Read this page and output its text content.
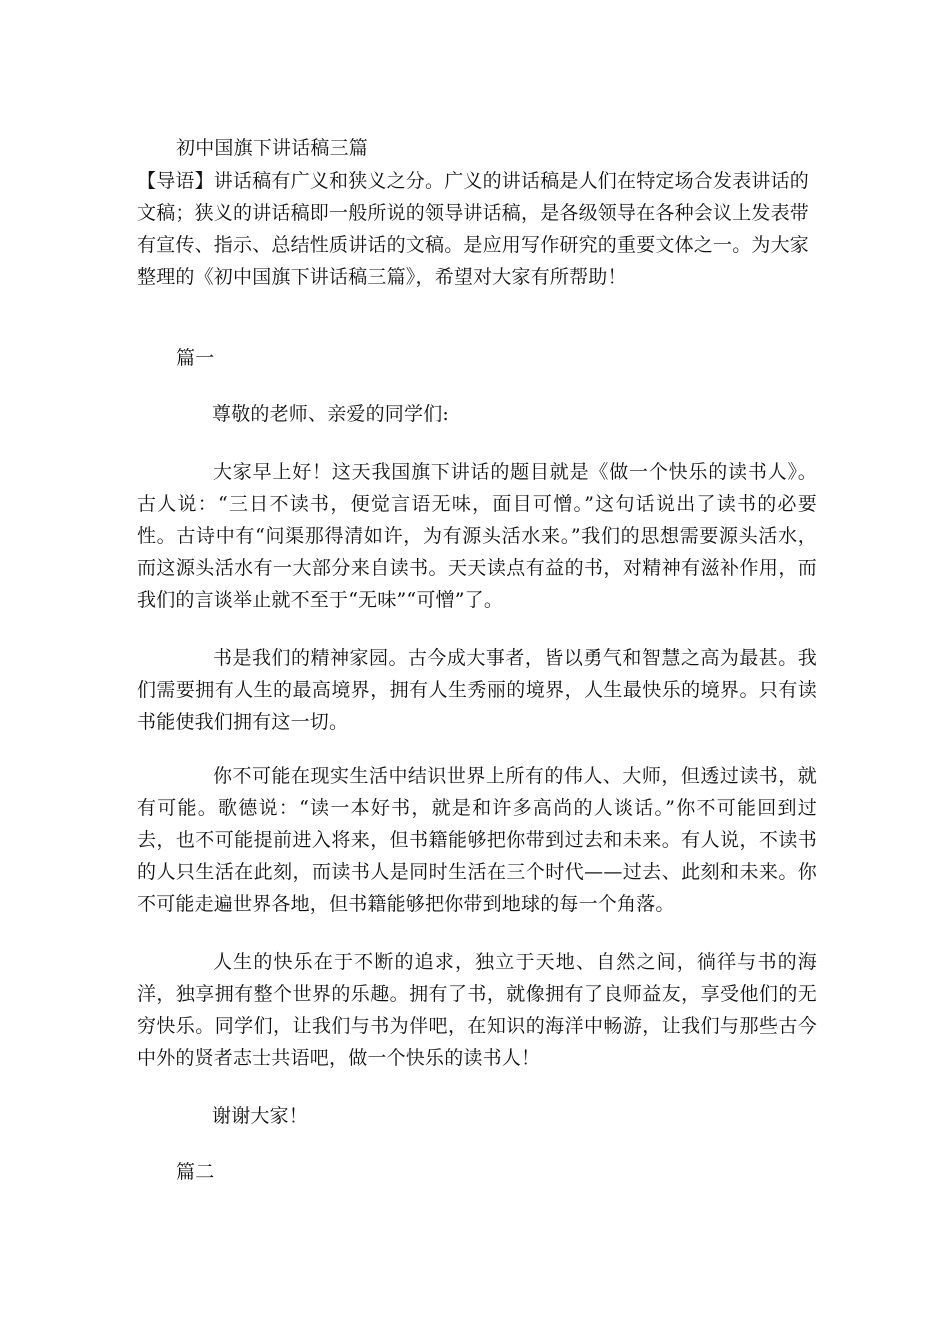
初中国旗下讲话稿三篇
【导语】讲话稿有广义和狭义之分。广义的讲话稿是人们在特定场合发表讲话的文稿；狭义的讲话稿即一般所说的领导讲话稿，是各级领导在各种会议上发表带有宣传、指示、总结性质讲话的文稿。是应用写作研究的重要文体之一。为大家整理的《初中国旗下讲话稿三篇》，希望对大家有所帮助！
篇一
尊敬的老师、亲爱的同学们:
大家早上好！这天我国旗下讲话的题目就是《做一个快乐的读书人》。古人说：“三日不读书，便觉言语无味，面目可憎。”这句话说出了读书的必要性。古诗中有“问渠那得清如许，为有源头活水来。”我们的思想需要源头活水，而这源头活水有一大部分来自读书。天天读点有益的书，对精神有滋补作用，而我们的言谈举止就不至于“无味”“可憎”了。
书是我们的精神家园。古今成大事者，皆以勇气和智慧之高为最甚。我们需要拥有人生的最高境界，拥有人生秀丽的境界，人生最快乐的境界。只有读书能使我们拥有这一切。
你不可能在现实生活中结识世界上所有的伟人、大师，但透过读书，就有可能。歌德说：“读一本好书，就是和许多高尚的人谈话。”你不可能回到过去，也不可能提前进入将来，但书籍能够把你带到过去和未来。有人说，不读书的人只生活在此刻，而读书人是同时生活在三个时代——过去、此刻和未来。你不可能走遍世界各地，但书籍能够把你带到地球的每一个角落。
人生的快乐在于不断的追求，独立于天地、自然之间，徜徉与书的海洋，独享拥有整个世界的乐趣。拥有了书，就像拥有了良师益友，享受他们的无穷快乐。同学们，让我们与书为伴吧，在知识的海洋中畅游，让我们与那些古今中外的贤者志士共语吧，做一个快乐的读书人！
谢谢大家！
篇二
